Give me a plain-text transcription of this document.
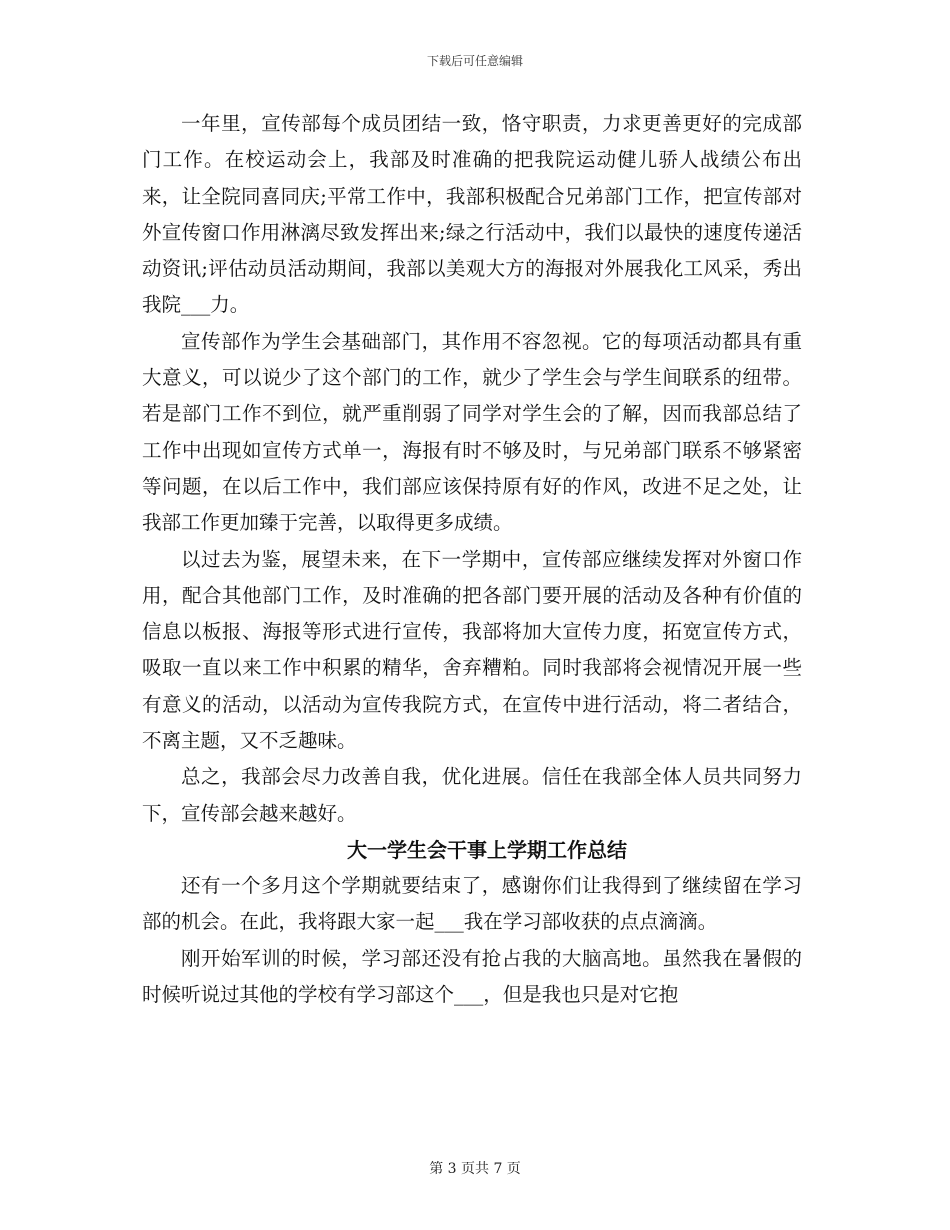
下载后可任意编辑

一年里，宣传部每个成员团结一致，恪守职责，力求更善更好的完成部门工作。在校运动会上，我部及时准确的把我院运动健儿骄人战绩公布出来，让全院同喜同庆;平常工作中，我部积极配合兄弟部门工作，把宣传部对外宣传窗口作用淋漓尽致发挥出来;绿之行活动中，我们以最快的速度传递活动资讯;评估动员活动期间，我部以美观大方的海报对外展我化工风采，秀出我院___力。

宣传部作为学生会基础部门，其作用不容忽视。它的每项活动都具有重大意义，可以说少了这个部门的工作，就少了学生会与学生间联系的纽带。若是部门工作不到位，就严重削弱了同学对学生会的了解，因而我部总结了工作中出现如宣传方式单一，海报有时不够及时，与兄弟部门联系不够紧密等问题，在以后工作中，我们部应该保持原有好的作风，改进不足之处，让我部工作更加臻于完善，以取得更多成绩。

以过去为鉴，展望未来，在下一学期中，宣传部应继续发挥对外窗口作用，配合其他部门工作，及时准确的把各部门要开展的活动及各种有价值的信息以板报、海报等形式进行宣传，我部将加大宣传力度，拓宽宣传方式，吸取一直以来工作中积累的精华，舍弃糟粕。同时我部将会视情况开展一些有意义的活动，以活动为宣传我院方式，在宣传中进行活动，将二者结合，不离主题，又不乏趣味。

总之，我部会尽力改善自我，优化进展。信任在我部全体人员共同努力下，宣传部会越来越好。

大一学生会干事上学期工作总结

还有一个多月这个学期就要结束了，感谢你们让我得到了继续留在学习部的机会。在此，我将跟大家一起___我在学习部收获的点点滴滴。

刚开始军训的时候，学习部还没有抢占我的大脑高地。虽然我在暑假的时候听说过其他的学校有学习部这个___，但是我也只是对它抱

第 3 页共 7 页
